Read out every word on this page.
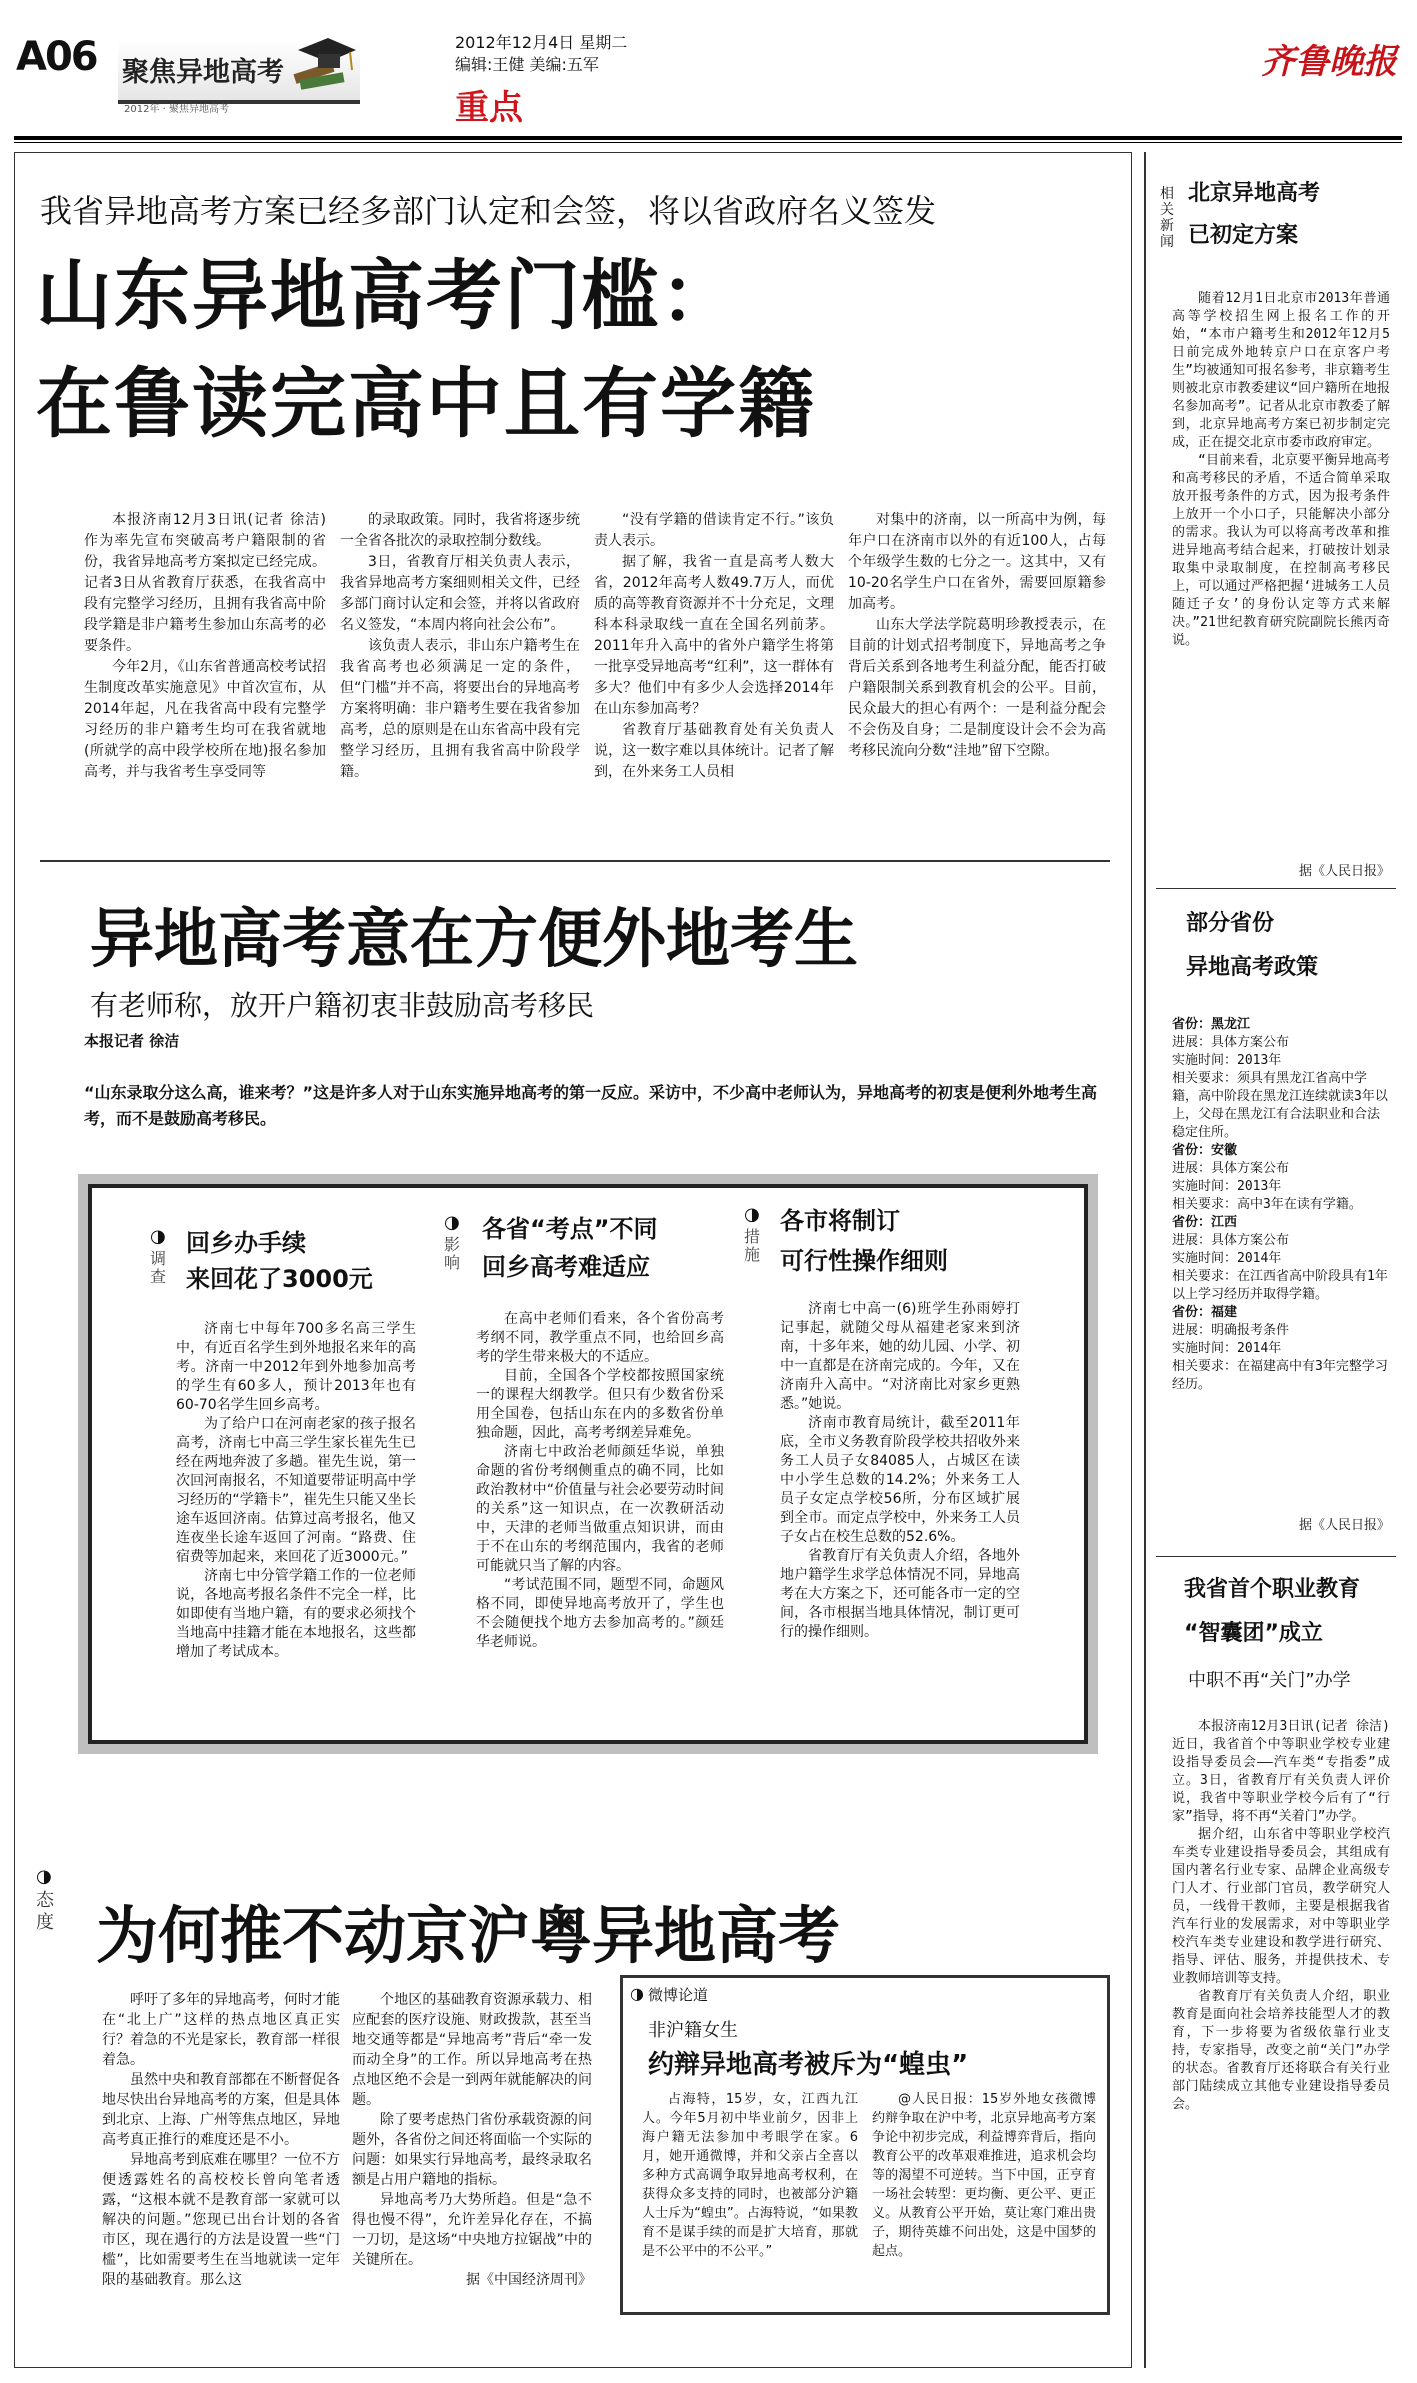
A06 聚焦异地高考
2012年 · 聚焦异地高考
2012年12月4日 星期二
编辑:王健 美编:五军
重点
齐鲁晚报
我省异地高考方案已经多部门认定和会签，将以省政府名义签发
山东异地高考门槛：
在鲁读完高中且有学籍

本报济南12月3日讯(记者 徐洁) 作为率先宣布突破高考户籍限制的省份，我省异地高考方案拟定已经完成。记者3日从省教育厅获悉，在我省高中段有完整学习经历，且拥有我省高中阶段学籍是非户籍考生参加山东高考的必要条件。

今年2月，《山东省普通高校考试招生制度改革实施意见》中首次宣布，从2014年起，凡在我省高中段有完整学习经历的非户籍考生均可在我省就地(所就学的高中段学校所在地)报名参加高考，并与我省考生享受同等

的录取政策。同时，我省将逐步统一全省各批次的录取控制分数线。

3日，省教育厅相关负责人表示，我省异地高考方案细则相关文件，已经多部门商讨认定和会签，并将以省政府名义签发，“本周内将向社会公布”。

该负责人表示，非山东户籍考生在我省高考也必须满足一定的条件，但“门槛”并不高，将要出台的异地高考方案将明确：非户籍考生要在我省参加高考，总的原则是在山东省高中段有完整学习经历，且拥有我省高中阶段学籍。

“没有学籍的借读肯定不行。”该负责人表示。

据了解，我省一直是高考人数大省，2012年高考人数49.7万人，而优质的高等教育资源并不十分充足，文理科本科录取线一直在全国名列前茅。2011年升入高中的省外户籍学生将第一批享受异地高考“红利”，这一群体有多大？他们中有多少人会选择2014年在山东参加高考？

省教育厅基础教育处有关负责人说，这一数字难以具体统计。记者了解到，在外来务工人员相

对集中的济南，以一所高中为例，每年户口在济南市以外的有近100人，占每个年级学生数的七分之一。这其中，又有10-20名学生户口在省外，需要回原籍参加高考。

山东大学法学院葛明珍教授表示，在目前的计划式招考制度下，异地高考之争背后关系到各地考生利益分配，能否打破户籍限制关系到教育机会的公平。目前，民众最大的担心有两个：一是利益分配会不会伤及自身；二是制度设计会不会为高考移民流向分数“洼地”留下空隙。

异地高考意在方便外地考生
有老师称，放开户籍初衷非鼓励高考移民
本报记者 徐洁
“山东录取分这么高，谁来考？”这是许多人对于山东实施异地高考的第一反应。采访中，不少高中老师认为，异地高考的初衷是便利外地考生高考，而不是鼓励高考移民。
调查
◑ 回乡办手续
来回花了3000元

济南七中每年700多名高三学生中，有近百名学生到外地报名来年的高考。济南一中2012年到外地参加高考的学生有60多人，预计2013年也有60-70名学生回乡高考。

为了给户口在河南老家的孩子报名高考，济南七中高三学生家长崔先生已经在两地奔波了多趟。崔先生说，第一次回河南报名，不知道要带证明高中学习经历的“学籍卡”，崔先生只能又坐长途车返回济南。估算过高考报名，他又连夜坐长途车返回了河南。“路费、住宿费等加起来，来回花了近3000元。”

济南七中分管学籍工作的一位老师说，各地高考报名条件不完全一样，比如即使有当地户籍，有的要求必须找个当地高中挂籍才能在本地报名，这些都增加了考试成本。

◑
影响
各省“考点”不同
回乡高考难适应

在高中老师们看来，各个省份高考考纲不同，教学重点不同，也给回乡高考的学生带来极大的不适应。

目前，全国各个学校都按照国家统一的课程大纲教学。但只有少数省份采用全国卷，包括山东在内的多数省份单独命题，因此，高考考纲差异难免。

济南七中政治老师颜廷华说，单独命题的省份考纲侧重点的确不同，比如政治教材中“价值量与社会必要劳动时间的关系”这一知识点，在一次教研活动中，天津的老师当做重点知识讲，而由于不在山东的考纲范围内，我省的老师可能就只当了解的内容。

“考试范围不同，题型不同，命题风格不同，即使异地高考放开了，学生也不会随便找个地方去参加高考的。”颜廷华老师说。

◑
措施
各市将制订
可行性操作细则

济南七中高一(6)班学生孙雨婷打记事起，就随父母从福建老家来到济南，十多年来，她的幼儿园、小学、初中一直都是在济南完成的。今年，又在济南升入高中。“对济南比对家乡更熟悉。”她说。

济南市教育局统计，截至2011年底，全市义务教育阶段学校共招收外来务工人员子女84085人，占城区在读中小学生总数的14.2%；外来务工人员子女定点学校56所，分布区域扩展到全市。而定点学校中，外来务工人员子女占在校生总数的52.6%。

省教育厅有关负责人介绍，各地外地户籍学生求学总体情况不同，异地高考在大方案之下，还可能各市一定的空间，各市根据当地具体情况，制订更可行的操作细则。

◑
态度 为何推不动京沪粤异地高考

呼吁了多年的异地高考，何时才能在“北上广”这样的热点地区真正实行？着急的不光是家长，教育部一样很着急。

虽然中央和教育部都在不断督促各地尽快出台异地高考的方案，但是具体到北京、上海、广州等焦点地区，异地高考真正推行的难度还是不小。

异地高考到底难在哪里？一位不方便透露姓名的高校校长曾向笔者透露，“这根本就不是教育部一家就可以解决的问题。”您现已出台计划的各省市区，现在遇行的方法是设置一些“门槛”，比如需要考生在当地就读一定年限的基础教育。那么这

个地区的基础教育资源承载力、相应配套的医疗设施、财政拨款，甚至当地交通等都是“异地高考”背后“牵一发而动全身”的工作。所以异地高考在热点地区绝不会是一到两年就能解决的问题。

除了要考虑热门省份承载资源的问题外，各省份之间还将面临一个实际的问题：如果实行异地高考，最终录取名额是占用户籍地的指标。

异地高考乃大势所趋。但是“急不得也慢不得”，允许差异化存在，不搞一刀切，是这场“中央地方拉锯战”中的关键所在。

据《中国经济周刊》

◑ 微博论道
非沪籍女生
约辩异地高考被斥为“蝗虫”

占海特，15岁，女，江西九江人。今年5月初中毕业前夕，因非上海户籍无法参加中考眼学在家。6月，她开通微博，并和父亲占全喜以多种方式高调争取异地高考权利，在获得众多支持的同时，也被部分沪籍人士斥为“蝗虫”。占海特说，“如果教育不是谋手续的而是扩大培育，那就是不公平中的不公平。”

@人民日报：15岁外地女孩微博约辩争取在沪中考，北京异地高考方案争论中初步完成，利益博弈背后，指向教育公平的改革艰难推进，追求机会均等的渴望不可逆转。当下中国，正亨育一场社会转型：更均衡、更公平、更正义。从教育公平开始，莫让寒门难出贵子，期待英雄不问出处，这是中国梦的起点。

相关新闻
北京异地高考
已初定方案

随着12月1日北京市2013年普通高等学校招生网上报名工作的开始，“本市户籍考生和2012年12月5日前完成外地转京户口在京客户考生”均被通知可报名参考，非京籍考生则被北京市教委建议“回户籍所在地报名参加高考”。记者从北京市教委了解到，北京异地高考方案已初步制定完成，正在提交北京市委市政府审定。

“目前来看，北京要平衡异地高考和高考移民的矛盾，不适合简单采取放开报考条件的方式，因为报考条件上放开一个小口子，只能解决小部分的需求。我认为可以将高考改革和推进异地高考结合起来，打破按计划录取集中录取制度，在控制高考移民上，可以通过严格把握‘进城务工人员随迁子女’的身份认定等方式来解决。”21世纪教育研究院副院长熊丙奇说。

据《人民日报》
部分省份
异地高考政策
省份：黑龙江
进展：具体方案公布
实施时间：2013年
相关要求：须具有黑龙江省高中学籍，高中阶段在黑龙江连续就读3年以上，父母在黑龙江有合法职业和合法稳定住所。
省份：安徽
进展：具体方案公布
实施时间：2013年
相关要求：高中3年在读有学籍。
省份：江西
进展：具体方案公布
实施时间：2014年
相关要求：在江西省高中阶段具有1年以上学习经历并取得学籍。
省份：福建
进展：明确报考条件
实施时间：2014年
相关要求：在福建高中有3年完整学习经历。
据《人民日报》
我省首个职业教育
“智囊团”成立
中职不再“关门”办学

本报济南12月3日讯(记者 徐洁) 近日，我省首个中等职业学校专业建设指导委员会——汽车类“专指委”成立。3日，省教育厅有关负责人评价说，我省中等职业学校今后有了“行家”指导，将不再“关着门”办学。

据介绍，山东省中等职业学校汽车类专业建设指导委员会，其组成有国内著名行业专家、品牌企业高级专门人才、行业部门官员，教学研究人员，一线骨干教师，主要是根据我省汽车行业的发展需求，对中等职业学校汽车类专业建设和教学进行研究、指导、评估、服务，并提供技术、专业教师培训等支持。

省教育厅有关负责人介绍，职业教育是面向社会培养技能型人才的教育，下一步将要为省级依靠行业支持，专家指导，改变之前“关门”办学的状态。省教育厅还将联合有关行业部门陆续成立其他专业建设指导委员会。
